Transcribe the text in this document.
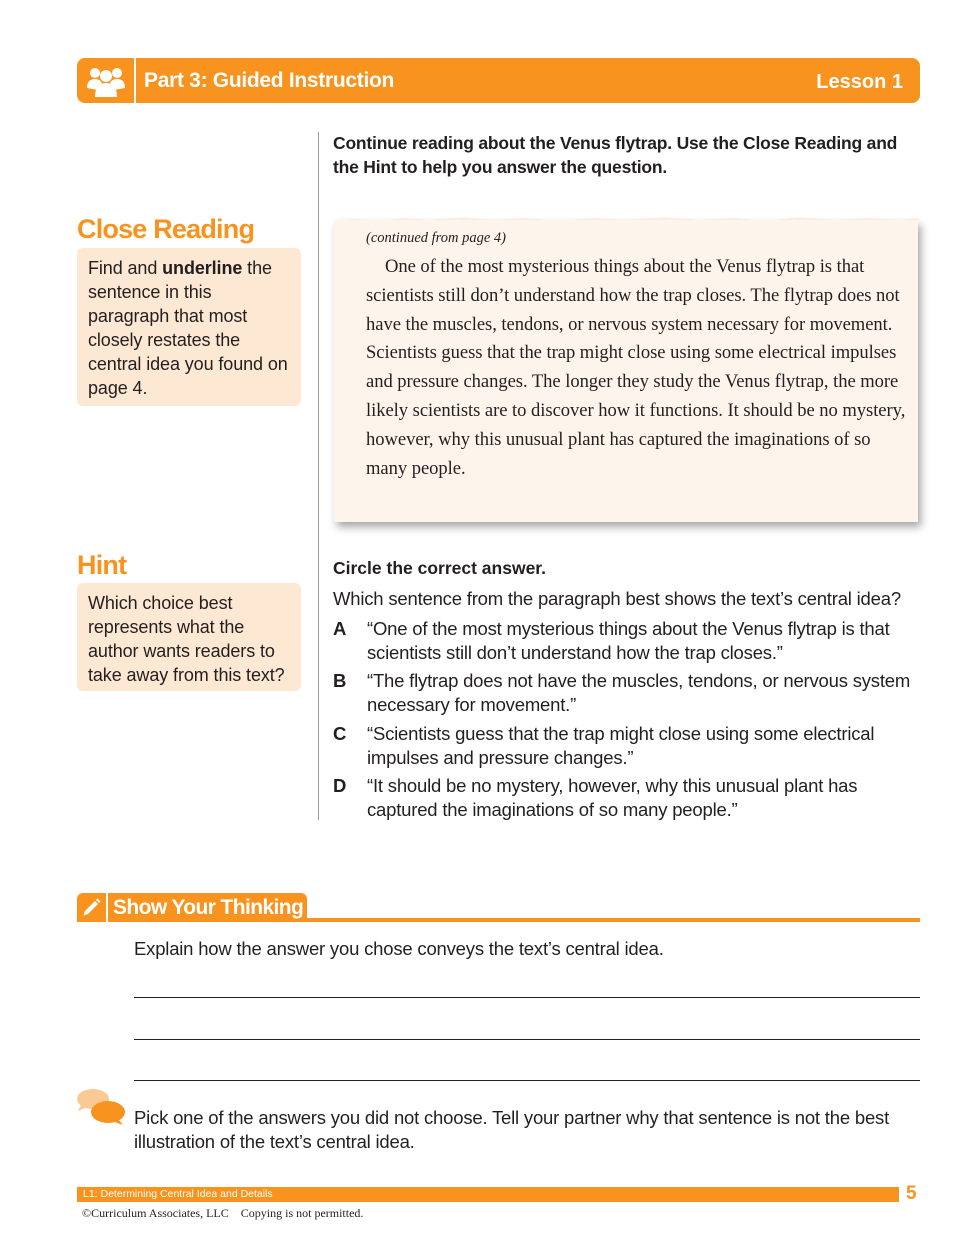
Part 3: Guided Instruction	Lesson 1
Continue reading about the Venus flytrap. Use the Close Reading and the Hint to help you answer the question.
Close Reading
Find and underline the sentence in this paragraph that most closely restates the central idea you found on page 4.
Hint
Which choice best represents what the author wants readers to take away from this text?
(continued from page 4)
One of the most mysterious things about the Venus flytrap is that scientists still don’t understand how the trap closes. The flytrap does not have the muscles, tendons, or nervous system necessary for movement. Scientists guess that the trap might close using some electrical impulses and pressure changes. The longer they study the Venus flytrap, the more likely scientists are to discover how it functions. It should be no mystery, however, why this unusual plant has captured the imaginations of so many people.
Circle the correct answer.
Which sentence from the paragraph best shows the text’s central idea?
A “One of the most mysterious things about the Venus flytrap is that scientists still don’t understand how the trap closes.”
B “The flytrap does not have the muscles, tendons, or nervous system necessary for movement.”
C “Scientists guess that the trap might close using some electrical impulses and pressure changes.”
D “It should be no mystery, however, why this unusual plant has captured the imaginations of so many people.”
Show Your Thinking
Explain how the answer you chose conveys the text’s central idea.
Pick one of the answers you did not choose. Tell your partner why that sentence is not the best illustration of the text’s central idea.
L1: Determining Central Idea and Details	5
©Curriculum Associates, LLC    Copying is not permitted.
